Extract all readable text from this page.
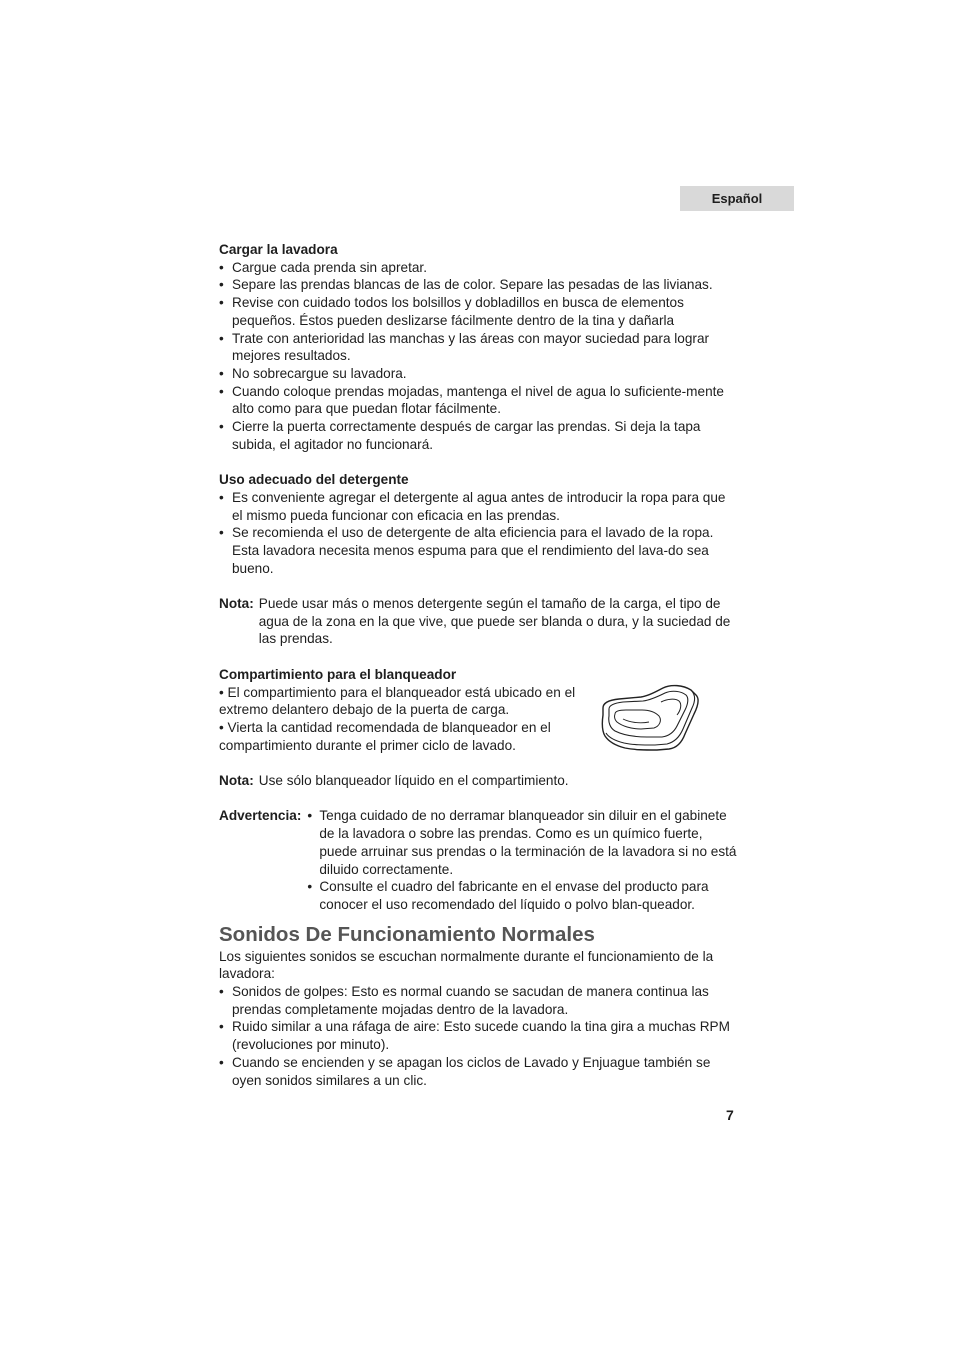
Español

Cargar la lavadora

• Cargue cada prenda sin apretar.
• Separe las prendas blancas de las de color. Separe las pesadas de las livianas.
• Revise con cuidado todos los bolsillos y dobladillos en busca de elementos pequeños. Éstos pueden deslizarse fácilmente dentro de la tina y dañarla
• Trate con anterioridad las manchas y las áreas con mayor suciedad para lograr mejores resultados.
• No sobrecargue su lavadora.
• Cuando coloque prendas mojadas, mantenga el nivel de agua lo suficiente-mente alto como para que puedan flotar fácilmente.
• Cierre la puerta correctamente después de cargar las prendas. Si deja la tapa subida, el agitador no funcionará.

Uso adecuado del detergente

• Es conveniente agregar el detergente al agua antes de introducir la ropa para que el mismo pueda funcionar con eficacia en las prendas.
• Se recomienda el uso de detergente de alta eficiencia para el lavado de la ropa. Esta lavadora necesita menos espuma para que el rendimiento del lava-do sea bueno.
Nota: Puede usar más o menos detergente según el tamaño de la carga, el tipo de agua de la zona en la que vive, que puede ser blanda o dura, y la suciedad de las prendas.

Compartimiento para el blanqueador

• El compartimiento para el blanqueador está ubicado en el extremo delantero debajo de la puerta de carga.

• Vierta la cantidad recomendada de blanqueador en el compartimiento durante el primer ciclo de lavado.

Nota: Use sólo blanqueador líquido en el compartimiento.
Advertencia:
•	Tenga cuidado de no derramar blanqueador sin diluir en el gabinete de la lavadora o sobre las prendas. Como es un químico fuerte, puede arruinar sus prendas o la terminación de la lavadora si no está diluido correctamente.
• Consulte el cuadro del fabricante en el envase del producto para conocer el uso recomendado del líquido o polvo blan-queador.
Sonidos De Funcionamiento Normales

Los siguientes sonidos se escuchan normalmente durante el funcionamiento de la lavadora:

• Sonidos de golpes: Esto es normal cuando se sacudan de manera continua las prendas completamente mojadas dentro de la lavadora.
• Ruido similar a una ráfaga de aire: Esto sucede cuando la tina gira a muchas RPM (revoluciones por minuto).
• Cuando se encienden y se apagan los ciclos de Lavado y Enjuague también se oyen sonidos similares a un clic.
7
